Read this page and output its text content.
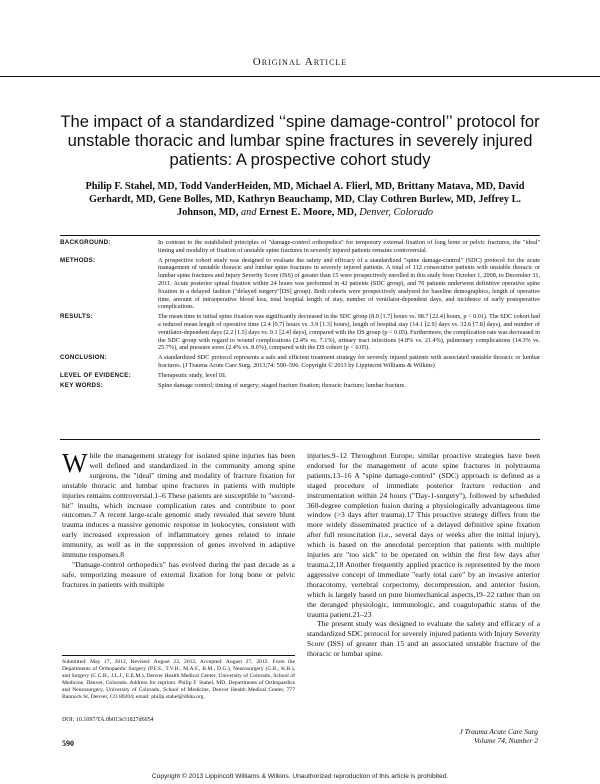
Original Article
The impact of a standardized ‘‘spine damage-control’’ protocol for unstable thoracic and lumbar spine fractures in severely injured patients: A prospective cohort study
Philip F. Stahel, MD, Todd VanderHeiden, MD, Michael A. Flierl, MD, Brittany Matava, MD, David Gerhardt, MD, Gene Bolles, MD, Kathryn Beauchamp, MD, Clay Cothren Burlew, MD, Jeffrey L. Johnson, MD, and Ernest E. Moore, MD, Denver, Colorado
BACKGROUND:	In contrast to the established principles of "damage-control orthopedics" for temporary external fixation of long bone or pelvic fractures, the "ideal" timing and modality of fixation of unstable spine fractures in severely injured patients remains controversial.
METHODS:	A prospective cohort study was designed to evaluate the safety and efficacy of a standardized "spine damage-control" (SDC) protocol for the acute management of unstable thoracic and lumbar spine fractures in severely injured patients. A total of 112 consecutive patients with unstable thoracic or lumbar spine fractures and Injury Severity Score (ISS) of greater than 15 were prospectively enrolled in this study from October 1, 2008, to December 31, 2011. Acute posterior spinal fixation within 24 hours was performed in 42 patients (SDC group), and 70 patients underwent definitive operative spine fixation in a delayed fashion ("delayed surgery"[DS] group). Both cohorts were prospectively analyzed for baseline demographics, length of operative time, amount of intraoperative blood loss, total hospital length of stay, number of ventilator-dependent days, and incidence of early postoperative complications.
RESULTS:	The mean time to initial spine fixation was significantly decreased in the SDC group (8.9 [1.7] hours vs. 98.7 [22.4] hours, p < 0.01). The SDC cohort had a reduced mean length of operative time (2.4 [0.7] hours vs. 3.9 [1.3] hours), length of hospital stay (14.1 [2.9] days vs. 32.6 [7.8] days), and number of ventilator-dependent days (2.2 [1.5] days vs. 9.1 [2.4] days), compared with the DS group (p < 0.05). Furthermore, the complication rate was decreased in the SDC group with regard to wound complications (2.4% vs. 7.1%), urinary tract infections (4.8% vs. 21.4%), pulmonary complications (14.3% vs. 25.7%), and pressure sores (2.4% vs. 8.6%), compared with the DS cohort (p < 0.05).
CONCLUSION:	A standardized SDC protocol represents a safe and efficient treatment strategy for severely injured patients with associated unstable thoracic or lumbar fractures. (J Trauma Acute Care Surg. 2013;74: 590–596. Copyright © 2013 by Lippincott Williams & Wilkins)
LEVEL OF EVIDENCE:	Therapeutic study, level III.
KEY WORDS:	Spine damage control; timing of surgery; staged fracture fixation; thoracic fracture; lumbar fracture.

While the management strategy for isolated spine injuries has been well defined and standardized in the community among spine surgeons, the "ideal" timing and modality of fracture fixation for unstable thoracic and lumbar spine fractures in patients with multiple injuries remains controversial.1–6 These patients are susceptible to "second-hit" insults, which increase complication rates and contribute to poor outcomes.7 A recent large-scale genomic study revealed that severe blunt trauma induces a massive genomic response in leukocytes, consistent with early increased expression of inflammatory genes related to innate immunity, as well as in the suppression of genes involved in adaptive immune responses.8

"Damage-control orthopedics" has evolved during the past decade as a safe, temporizing measure of external fixation for long bone or pelvic fractures in patients with multiple

injuries.9–12 Throughout Europe, similar proactive strategies have been endorsed for the management of acute spine fractures in polytrauma patients.13–16 A "spine damage-control" (SDC) approach is defined as a staged procedure of immediate posterior fracture reduction and instrumentation within 24 hours ("Day-1-surgery"), followed by scheduled 360-degree completion fusion during a physiologically advantageous time window (>3 days after trauma).17 This proactive strategy differs from the more widely disseminated practice of a delayed definitive spine fixation after full resuscitation (i.e., several days or weeks after the initial injury), which is based on the anecdotal perception that patients with multiple injuries are "too sick" to be operated on within the first few days after trauma.2,18 Another frequently applied practice is represented by the more aggressive concept of immediate "early total care" by an invasive anterior thoracotomy, vertebral corpectomy, decompression, and anterior fusion, which is largely based on pure biomechanical aspects,19–22 rather than on the deranged physiologic, immunologic, and coagulopathic status of the trauma patient.21–23

The present study was designed to evaluate the safety and efficacy of a standardized SDC protocol for severely injured patients with Injury Severity Score (ISS) of greater than 15 and an associated unstable fracture of the thoracic or lumbar spine.

Submitted: May 17, 2012, Revised: August 22, 2012, Accepted: August 27, 2012. From the Departments of Orthopaedic Surgery (P.F.S., T.V.H., M.A.F., B.M., D.G.), Neurosurgery (G.B., K.B.), and Surgery (C.C.B., J.L.J., E.E.M.), Denver Health Medical Center, University of Colorado, School of Medicine, Denver, Colorado. Address for reprints: Philip F. Stahel, MD, Departments of Orthopaedics and Neurosurgery, University of Colorado, School of Medicine, Denver Health Medical Center, 777 Bannock St, Denver, CO 80204; email: philip.stahel@dhha.org.
DOI: 10.1097/TA.0b013e31827d6054
590
J Trauma Acute Care Surg
Volume 74, Number 2
Copyright © 2013 Lippincott Williams & Wilkins. Unauthorized reproduction of this article is prohibited.
